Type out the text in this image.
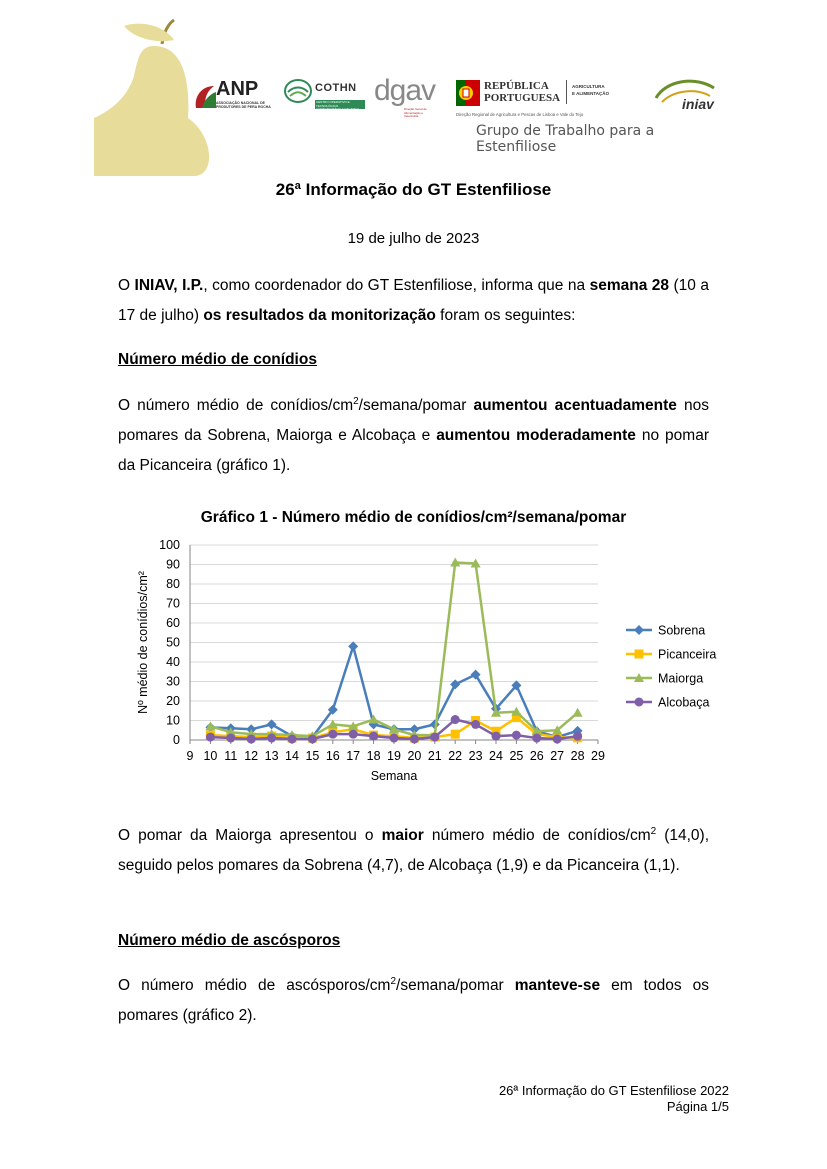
ANP
ASSOCIAÇÃO NACIONAL DE PRODUTORES DE PERA ROCHA
COTHN
CENTRO OPERATIVO E TECNOLÓGICO HORTOFRUTÍCOLA NACIONAL
dgav
Direção Geral de Alimentação e Veterinária
REPÚBLICA
PORTUGUESA
AGRICULTURA
E ALIMENTAÇÃO
Direção Regional de Agricultura e Pescas de Lisboa e Vale do Tejo
iniav
Grupo de Trabalho para a Estenfiliose
26ª Informação do GT Estenfiliose
19 de julho de 2023

O INIAV, I.P., como coordenador do GT Estenfiliose, informa que na semana 28 (10 a 17 de julho) os resultados da monitorização foram os seguintes:

Número médio de conídios

O número médio de conídios/$cm^2/semana$/pomar aumentou acentuadamente nos pomares da Sobrena, Maiorga e Alcobaça e aumentou moderadamente no pomar da Picanceira (gráfico 1).

Gráfico 1 - Número médio de conídios/cm²/semana/pomar
0
10
20
30
40
50
60
70
80
90
100
9 10 11 12 13 14 15 16 17 18 19 20 21 22 23 24 25 26 27 28 29
Semana
Nº médio de conídios/cm²	Sobrena
Picanceira
Maiorga
Alcobaça

O pomar da Maiorga apresentou o maior número médio de conídios/$cm^2$ (14,0), seguido pelos pomares da Sobrena (4,7), de Alcobaça (1,9) e da Picanceira (1,1).

Número médio de ascósporos

O número médio de ascósporos/$cm^2/semana$/pomar manteve-se em todos os pomares (gráfico 2).

26ª Informação do GT Estenfiliose 2022
Página 1/5
